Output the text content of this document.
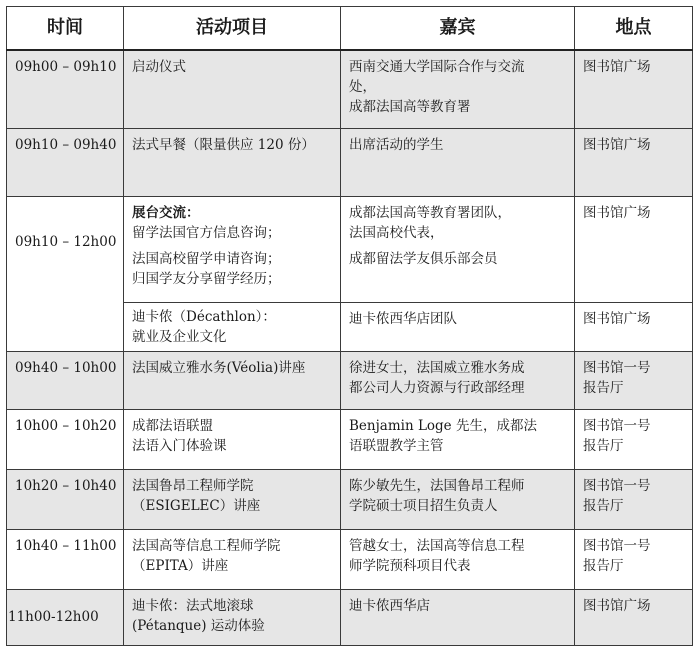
时间	活动项目	嘉宾	地点
09h00 – 09h10	启动仪式	西南交通大学国际合作与交流
处，
成都法国高等教育署	图书馆广场

09h10 – 09h40	法式早餐（限量供应 120 份）	出席活动的学生	图书馆广场

09h10 – 12h00	展台交流：
留学法国官方信息咨询；
法国高校留学申请咨询；
归国学友分享留学经历；	成都法国高等教育署团队，
法国高校代表，
成都留法学友俱乐部会员	图书馆广场

	迪卡侬（Décathlon）：
就业及企业文化	迪卡侬西华店团队	图书馆广场

09h40 – 10h00	法国威立雅水务(Véolia)讲座	徐进女士，法国威立雅水务成
都公司人力资源与行政部经理	图书馆一号
报告厅

10h00 – 10h20	成都法语联盟
法语入门体验课	Benjamin Loge 先生，成都法
语联盟教学主管	图书馆一号
报告厅

10h20 – 10h40	法国鲁昂工程师学院
（ESIGELEC）讲座	陈少敏先生，法国鲁昂工程师
学院硕士项目招生负责人	图书馆一号
报告厅

10h40 – 11h00	法国高等信息工程师学院
（EPITA）讲座	管越女士，法国高等信息工程
师学院预科项目代表	图书馆一号
报告厅

11h00-12h00	迪卡侬：法式地滚球
(Pétanque) 运动体验	迪卡侬西华店	图书馆广场
